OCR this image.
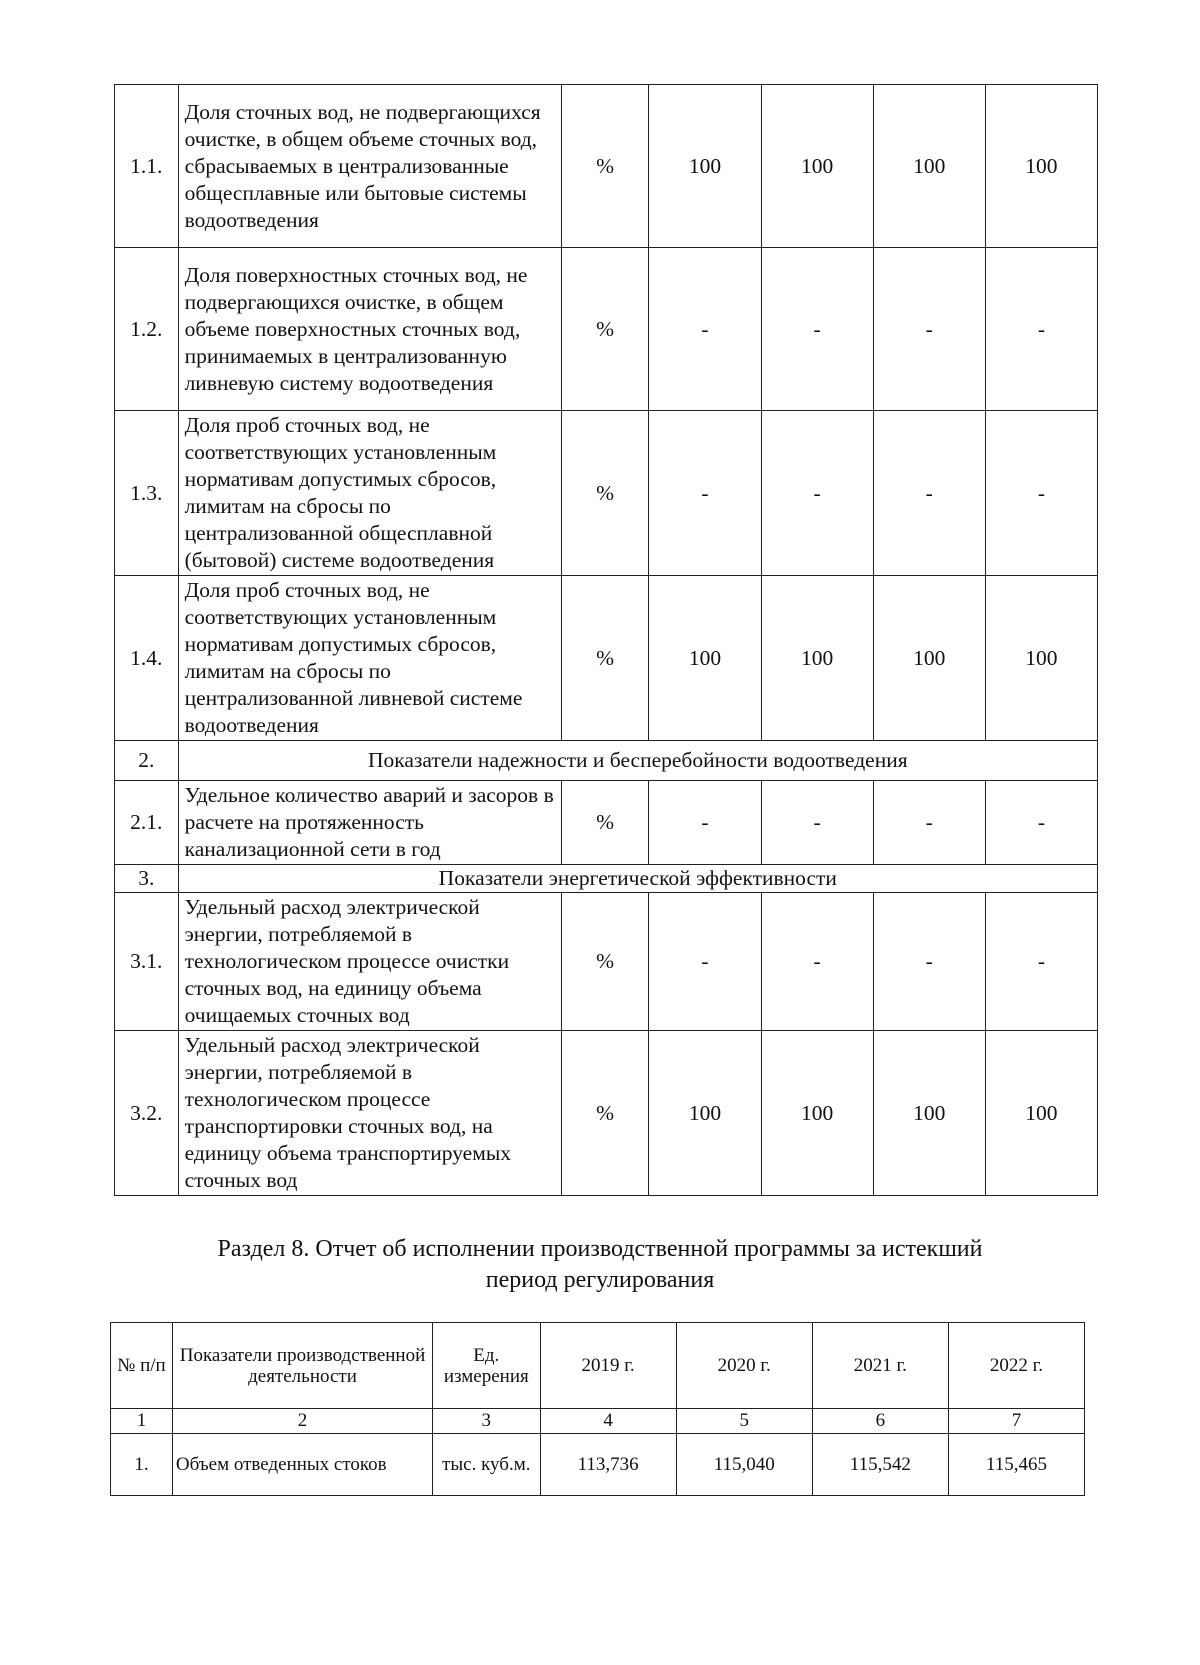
1.1.	Доля сточных вод, не подвергающихся очистке, в общем объеме сточных вод, сбрасываемых в централизованные общесплавные или бытовые системы водоотведения	%	100	100	100	100
1.2.	Доля поверхностных сточных вод, не подвергающихся очистке, в общем объеме поверхностных сточных вод, принимаемых в централизованную ливневую систему водоотведения	%	-	-	-	-
1.3.	Доля проб сточных вод, не соответствующих установленным нормативам допустимых сбросов, лимитам на сбросы по централизованной общесплавной (бытовой) системе водоотведения	%	-	-	-	-
1.4.	Доля проб сточных вод, не соответствующих установленным нормативам допустимых сбросов, лимитам на сбросы по централизованной ливневой системе водоотведения	%	100	100	100	100
2.	Показатели надежности и бесперебойности водоотведения					
2.1.	Удельное количество аварий и засоров в расчете на протяженность канализационной сети в год	%	-	-	-	-
3.	Показатели энергетической эффективности					
3.1.	Удельный расход электрической энергии, потребляемой в технологическом процессе очистки сточных вод, на единицу объема очищаемых сточных вод	%	-	-	-	-
3.2.	Удельный расход электрической энергии, потребляемой в технологическом процессе транспортировки сточных вод, на единицу объема транспортируемых сточных вод	%	100	100	100	100
Раздел 8. Отчет об исполнении производственной программы за истекший
период регулирования
№ п/п	Показатели производственной деятельности	Ед. измерения	2019 г.	2020 г.	2021 г.	2022 г.
1	2	3	4	5	6	7
1.	Объем отведенных стоков	тыс. куб.м.	113,736	115,040	115,542	115,465
